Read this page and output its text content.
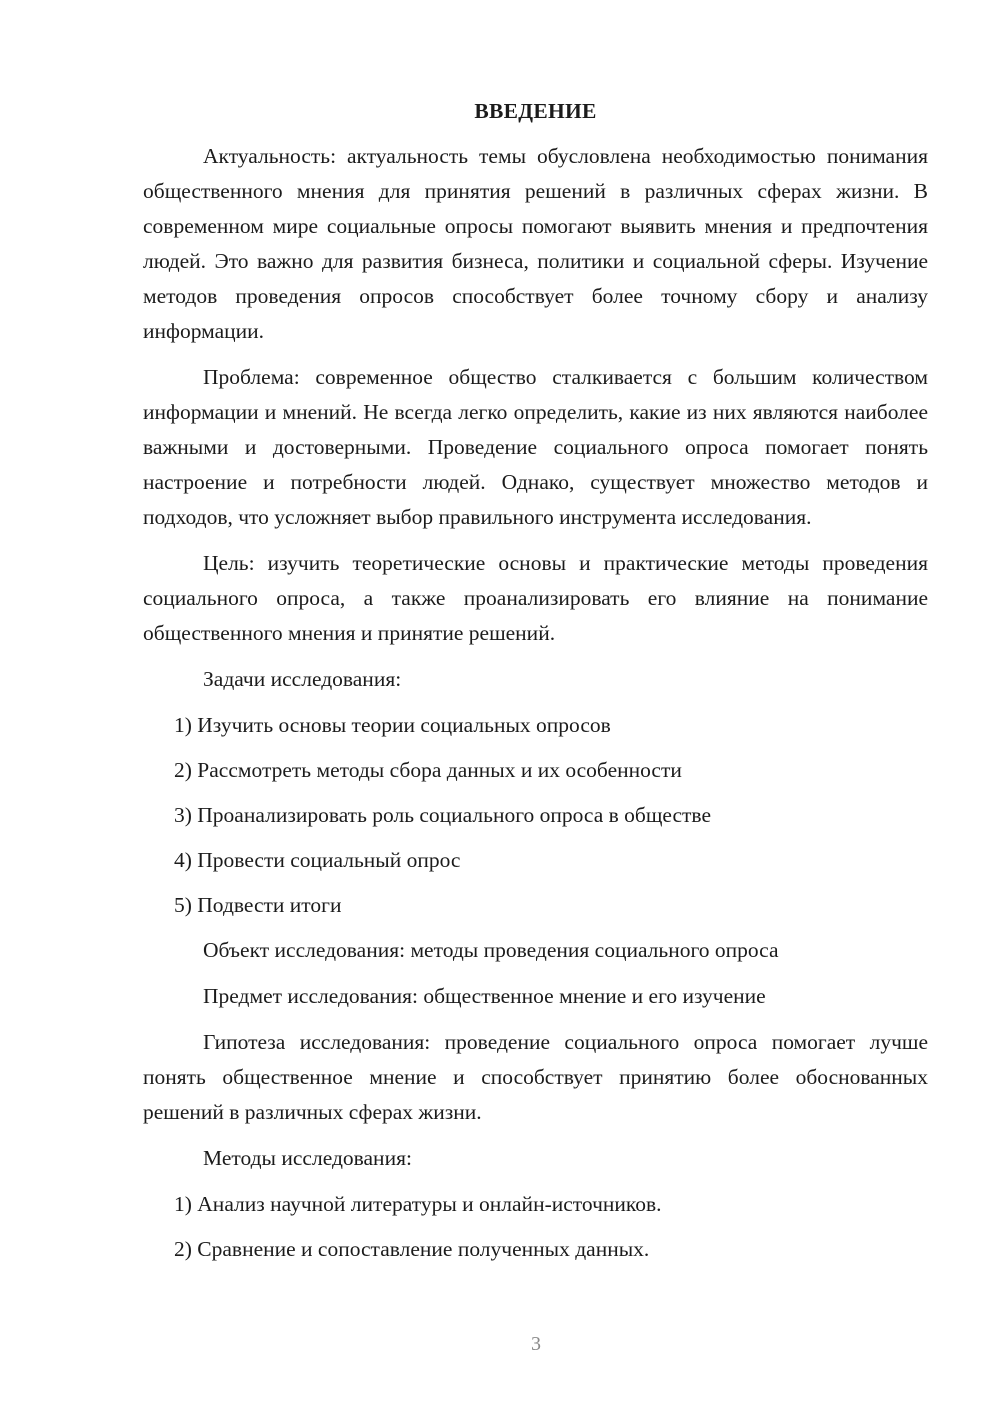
ВВЕДЕНИЕ
Актуальность: актуальность темы обусловлена необходимостью понимания общественного мнения для принятия решений в различных сферах жизни. В современном мире социальные опросы помогают выявить мнения и предпочтения людей. Это важно для развития бизнеса, политики и социальной сферы. Изучение методов проведения опросов способствует более точному сбору и анализу информации.
Проблема: современное общество сталкивается с большим количеством информации и мнений. Не всегда легко определить, какие из них являются наиболее важными и достоверными. Проведение социального опроса помогает понять настроение и потребности людей. Однако, существует множество методов и подходов, что усложняет выбор правильного инструмента исследования.
Цель: изучить теоретические основы и практические методы проведения социального опроса, а также проанализировать его влияние на понимание общественного мнения и принятие решений.
Задачи исследования:
1) Изучить основы теории социальных опросов
2) Рассмотреть методы сбора данных и их особенности
3) Проанализировать роль социального опроса в обществе
4) Провести социальный опрос
5) Подвести итоги
Объект исследования: методы проведения социального опроса
Предмет исследования: общественное мнение и его изучение
Гипотеза исследования: проведение социального опроса помогает лучше понять общественное мнение и способствует принятию более обоснованных решений в различных сферах жизни.
Методы исследования:
1) Анализ научной литературы и онлайн-источников.
2) Сравнение и сопоставление полученных данных.
3
